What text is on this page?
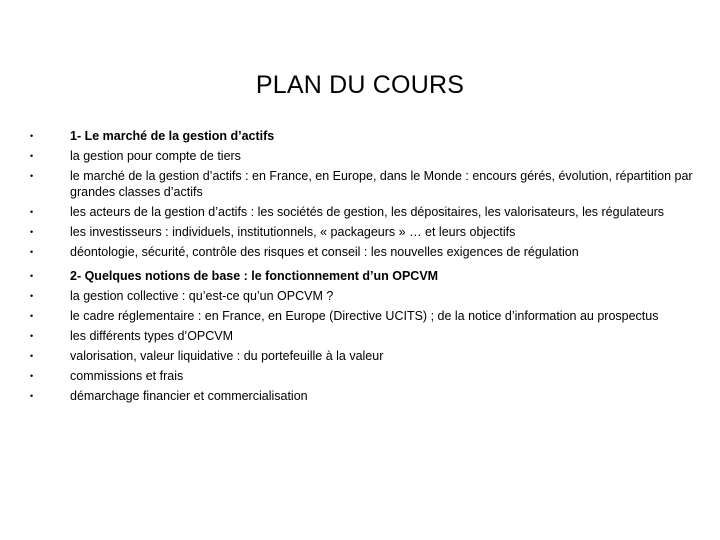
PLAN DU COURS
•	1- Le marché de la gestion d’actifs
•	la gestion pour compte de tiers
•	le marché de la gestion d’actifs : en France, en Europe, dans le Monde : encours gérés, évolution, répartition par grandes classes d’actifs
•	les acteurs de la gestion d’actifs : les sociétés de gestion, les dépositaires, les valorisateurs, les régulateurs
•	les investisseurs : individuels, institutionnels, « packageurs » … et leurs objectifs
•	déontologie, sécurité, contrôle des risques et conseil : les nouvelles exigences de régulation
•	2- Quelques notions de base : le fonctionnement d’un OPCVM
•	la gestion collective : qu’est-ce qu’un OPCVM ?
•	le cadre réglementaire : en France, en Europe (Directive UCITS) ; de la notice d’information au prospectus
•	les différents types d’OPCVM
•	valorisation, valeur liquidative : du portefeuille à la valeur
•	commissions et frais
•	démarchage financier et commercialisation
